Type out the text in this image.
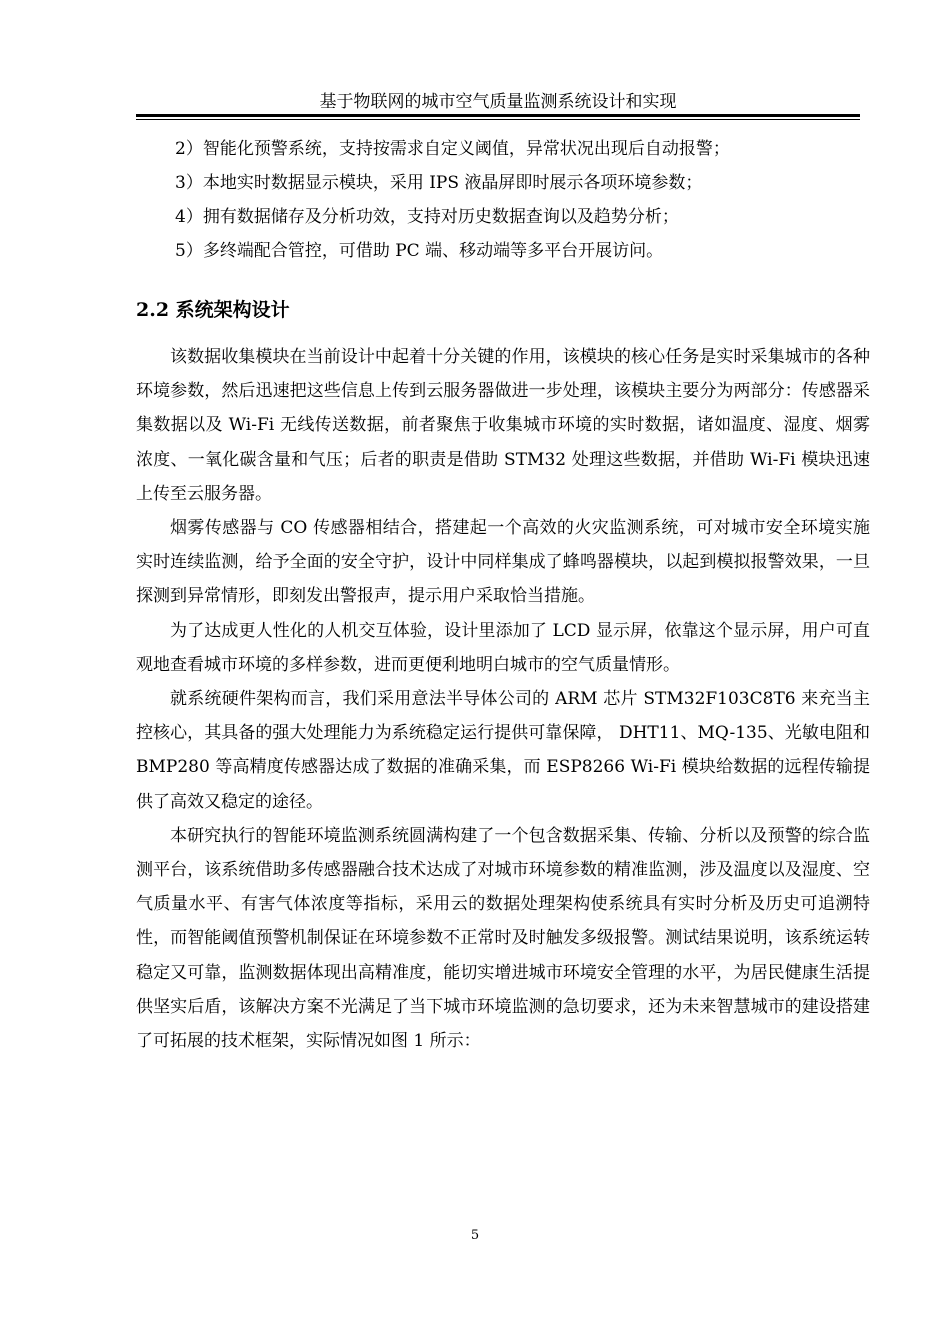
基于物联网的城市空气质量监测系统设计和实现
2）智能化预警系统，支持按需求自定义阈值，异常状况出现后自动报警；
3）本地实时数据显示模块，采用 IPS 液晶屏即时展示各项环境参数；
4）拥有数据储存及分析功效，支持对历史数据查询以及趋势分析；
5）多终端配合管控，可借助 PC 端、移动端等多平台开展访问。
2.2 系统架构设计

该数据收集模块在当前设计中起着十分关键的作用，该模块的核心任务是实时采集城市的各种环境参数，然后迅速把这些信息上传到云服务器做进一步处理，该模块主要分为两部分：传感器采集数据以及 Wi-Fi 无线传送数据，前者聚焦于收集城市环境的实时数据，诸如温度、湿度、烟雾浓度、一氧化碳含量和气压；后者的职责是借助 STM32 处理这些数据，并借助 Wi-Fi 模块迅速上传至云服务器。

烟雾传感器与 CO 传感器相结合，搭建起一个高效的火灾监测系统，可对城市安全环境实施实时连续监测，给予全面的安全守护，设计中同样集成了蜂鸣器模块，以起到模拟报警效果，一旦探测到异常情形，即刻发出警报声，提示用户采取恰当措施。

为了达成更人性化的人机交互体验，设计里添加了 LCD 显示屏，依靠这个显示屏，用户可直观地查看城市环境的多样参数，进而更便利地明白城市的空气质量情形。

就系统硬件架构而言，我们采用意法半导体公司的 ARM 芯片 STM32F103C8T6 来充当主控核心，其具备的强大处理能力为系统稳定运行提供可靠保障， DHT11、MQ-135、光敏电阻和 BMP280 等高精度传感器达成了数据的准确采集，而 ESP8266 Wi-Fi 模块给数据的远程传输提供了高效又稳定的途径。

本研究执行的智能环境监测系统圆满构建了一个包含数据采集、传输、分析以及预警的综合监测平台，该系统借助多传感器融合技术达成了对城市环境参数的精准监测，涉及温度以及湿度、空气质量水平、有害气体浓度等指标，采用云的数据处理架构使系统具有实时分析及历史可追溯特性，而智能阈值预警机制保证在环境参数不正常时及时触发多级报警。测试结果说明，该系统运转稳定又可靠，监测数据体现出高精准度，能切实增进城市环境安全管理的水平，为居民健康生活提供坚实后盾，该解决方案不光满足了当下城市环境监测的急切要求，还为未来智慧城市的建设搭建了可拓展的技术框架，实际情况如图 1 所示：

5
